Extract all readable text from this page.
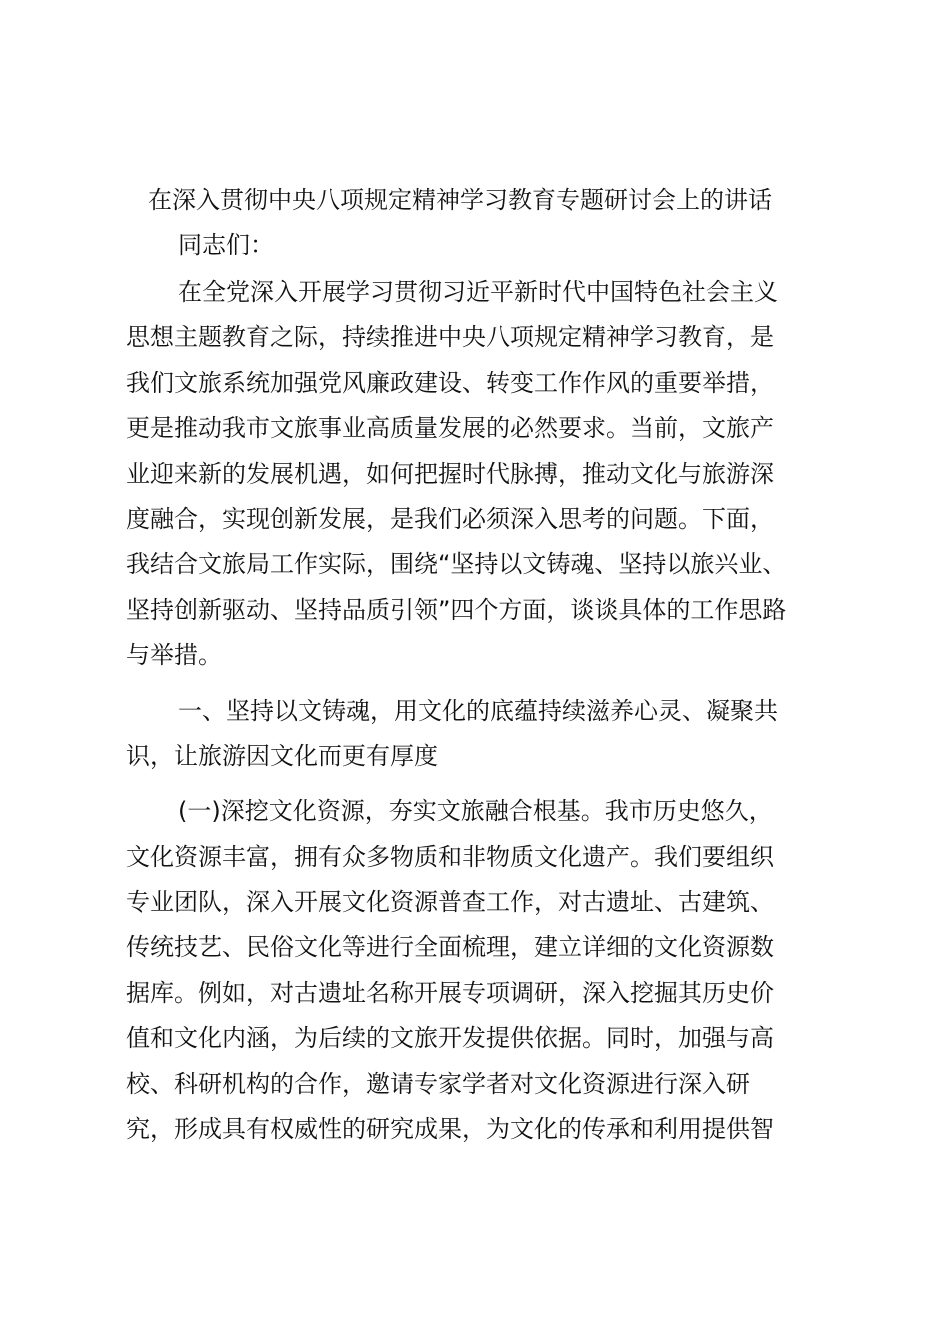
在深入贯彻中央八项规定精神学习教育专题研讨会上的讲话

同志们：

在全党深入开展学习贯彻习近平新时代中国特色社会主义
思想主题教育之际，持续推进中央八项规定精神学习教育，是
我们文旅系统加强党风廉政建设、转变工作作风的重要举措，
更是推动我市文旅事业高质量发展的必然要求。当前，文旅产
业迎来新的发展机遇，如何把握时代脉搏，推动文化与旅游深
度融合，实现创新发展，是我们必须深入思考的问题。下面，
我结合文旅局工作实际，围绕“坚持以文铸魂、坚持以旅兴业、
坚持创新驱动、坚持品质引领”四个方面，谈谈具体的工作思路
与举措。
一、坚持以文铸魂，用文化的底蕴持续滋养心灵、凝聚共
识，让旅游因文化而更有厚度
(一)深挖文化资源，夯实文旅融合根基。我市历史悠久，
文化资源丰富，拥有众多物质和非物质文化遗产。我们要组织
专业团队，深入开展文化资源普查工作，对古遗址、古建筑、
传统技艺、民俗文化等进行全面梳理，建立详细的文化资源数
据库。例如，对古遗址名称开展专项调研，深入挖掘其历史价
值和文化内涵，为后续的文旅开发提供依据。同时，加强与高
校、科研机构的合作，邀请专家学者对文化资源进行深入研
究，形成具有权威性的研究成果，为文化的传承和利用提供智
